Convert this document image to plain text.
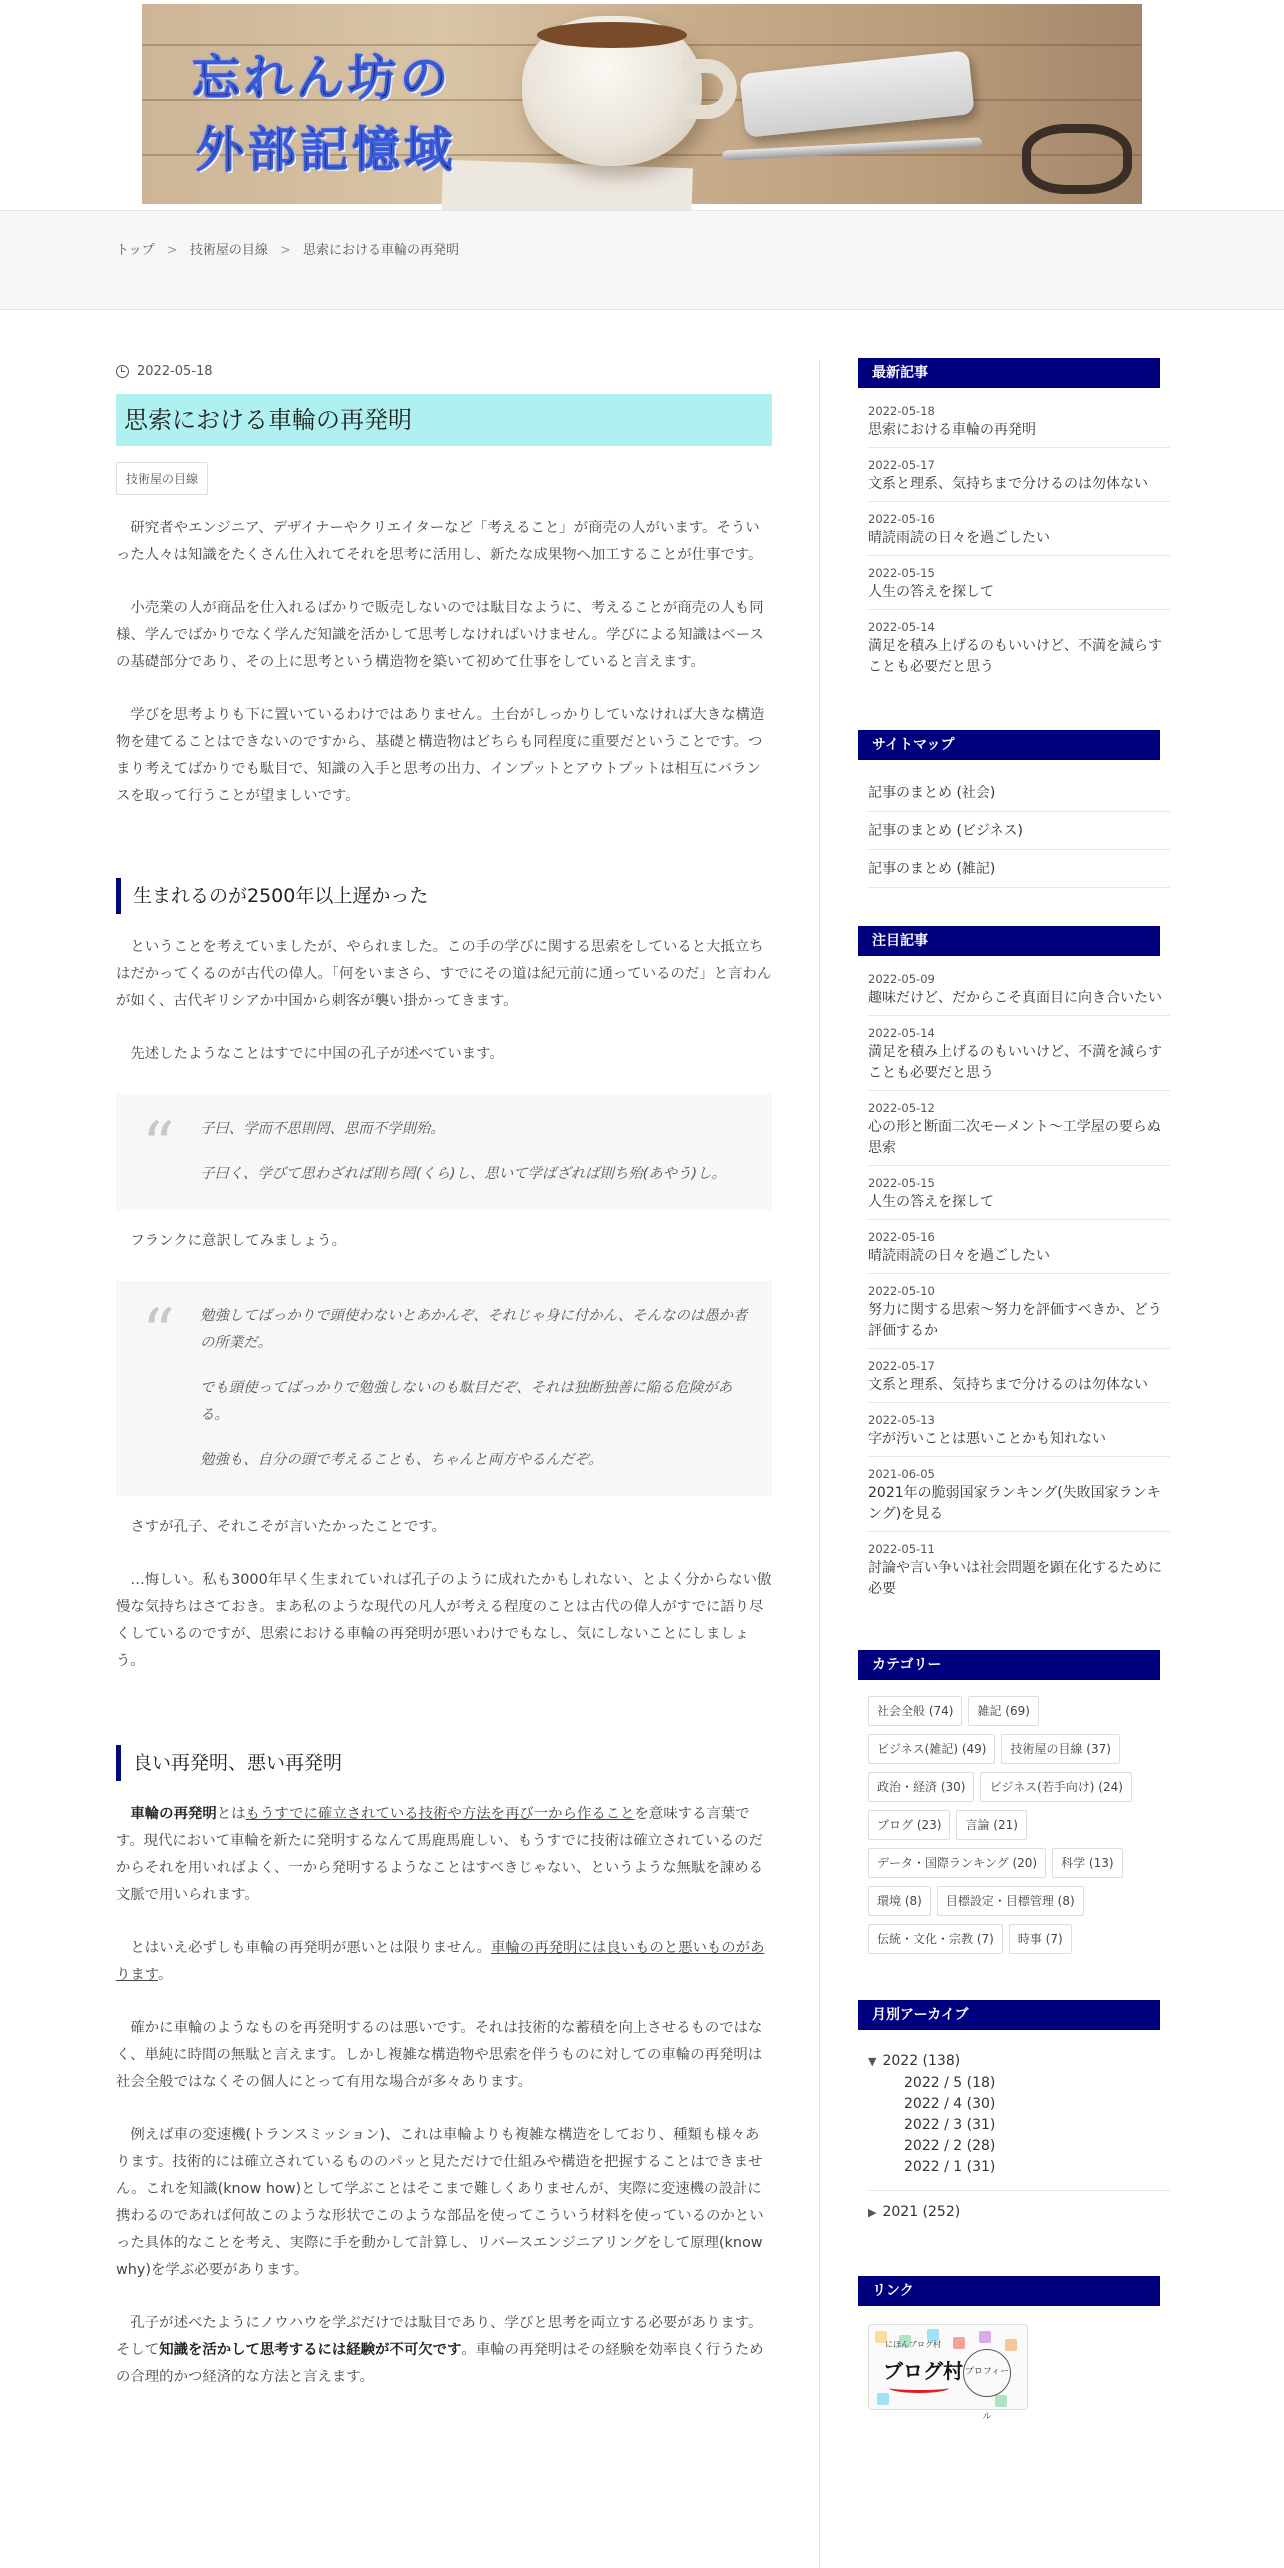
忘れん坊の
外部記憶域
トップ > 技術屋の目線 > 思索における車輪の再発明
2022-05-18
思索における車輪の再発明
技術屋の目線

研究者やエンジニア、デザイナーやクリエイターなど「考えること」が商売の人がいます。そういった人々は知識をたくさん仕入れてそれを思考に活用し、新たな成果物へ加工することが仕事です。

小売業の人が商品を仕入れるばかりで販売しないのでは駄目なように、考えることが商売の人も同様、学んでばかりでなく学んだ知識を活かして思考しなければいけません。学びによる知識はベースの基礎部分であり、その上に思考という構造物を築いて初めて仕事をしていると言えます。

学びを思考よりも下に置いているわけではありません。土台がしっかりしていなければ大きな構造物を建てることはできないのですから、基礎と構造物はどちらも同程度に重要だということです。つまり考えてばかりでも駄目で、知識の入手と思考の出力、インプットとアウトプットは相互にバランスを取って行うことが望ましいです。

生まれるのが2500年以上遅かった

ということを考えていましたが、やられました。この手の学びに関する思索をしていると大抵立ちはだかってくるのが古代の偉人。「何をいまさら、すでにその道は紀元前に通っているのだ」と言わんが如く、古代ギリシアか中国から刺客が襲い掛かってきます。

先述したようなことはすでに中国の孔子が述べています。

“ 子曰、学而不思則罔、思而不学則殆。

子曰く、学びて思わざれば則ち罔(くら)し、思いて学ばざれば則ち殆(あやう)し。

フランクに意訳してみましょう。

“ 勉強してばっかりで頭使わないとあかんぞ、それじゃ身に付かん、そんなのは愚か者の所業だ。

でも頭使ってばっかりで勉強しないのも駄目だぞ、それは独断独善に陥る危険がある。

勉強も、自分の頭で考えることも、ちゃんと両方やるんだぞ。

さすが孔子、それこそが言いたかったことです。

…悔しい。私も3000年早く生まれていれば孔子のように成れたかもしれない、とよく分からない傲慢な気持ちはさておき。まあ私のような現代の凡人が考える程度のことは古代の偉人がすでに語り尽くしているのですが、思索における車輪の再発明が悪いわけでもなし、気にしないことにしましょう。

良い再発明、悪い再発明

車輪の再発明とはもうすでに確立されている技術や方法を再び一から作ることを意味する言葉です。現代において車輪を新たに発明するなんて馬鹿馬鹿しい、もうすでに技術は確立されているのだからそれを用いればよく、一から発明するようなことはすべきじゃない、というような無駄を諌める文脈で用いられます。

とはいえ必ずしも車輪の再発明が悪いとは限りません。車輪の再発明には良いものと悪いものがあります。

確かに車輪のようなものを再発明するのは悪いです。それは技術的な蓄積を向上させるものではなく、単純に時間の無駄と言えます。しかし複雑な構造物や思索を伴うものに対しての車輪の再発明は社会全般ではなくその個人にとって有用な場合が多々あります。

例えば車の変速機(トランスミッション)、これは車輪よりも複雑な構造をしており、種類も様々あります。技術的には確立されているもののパッと見ただけで仕組みや構造を把握することはできません。これを知識(know how)として学ぶことはそこまで難しくありませんが、実際に変速機の設計に携わるのであれば何故このような形状でこのような部品を使ってこういう材料を使っているのかといった具体的なことを考え、実際に手を動かして計算し、リバースエンジニアリングをして原理(know why)を学ぶ必要があります。

孔子が述べたようにノウハウを学ぶだけでは駄目であり、学びと思考を両立する必要があります。そして知識を活かして思考するには経験が不可欠です。車輪の再発明はその経験を効率良く行うための合理的かつ経済的な方法と言えます。

最新記事
2022-05-18
思索における車輪の再発明
2022-05-17
文系と理系、気持ちまで分けるのは勿体ない
2022-05-16
晴読雨読の日々を過ごしたい
2022-05-15
人生の答えを探して
2022-05-14
満足を積み上げるのもいいけど、不満を減らすことも必要だと思う
サイトマップ
記事のまとめ (社会)
記事のまとめ (ビジネス)
記事のまとめ (雑記)
注目記事
2022-05-09
趣味だけど、だからこそ真面目に向き合いたい
2022-05-14
満足を積み上げるのもいいけど、不満を減らすことも必要だと思う
2022-05-12
心の形と断面二次モーメント〜工学屋の要らぬ思索
2022-05-15
人生の答えを探して
2022-05-16
晴読雨読の日々を過ごしたい
2022-05-10
努力に関する思索～努力を評価すべきか、どう評価するか
2022-05-17
文系と理系、気持ちまで分けるのは勿体ない
2022-05-13
字が汚いことは悪いことかも知れない
2021-06-05
2021年の脆弱国家ランキング(失敗国家ランキング)を見る
2022-05-11
討論や言い争いは社会問題を顕在化するために必要
カテゴリー
社会全般 (74)	雑記 (69)
ビジネス(雑記) (49)	技術屋の目線 (37)
政治・経済 (30)	ビジネス(若手向け) (24)
ブログ (23)	言論 (21)
データ・国際ランキング (20)	科学 (13)
環境 (8)	目標設定・目標管理 (8)
伝統・文化・宗教 (7)	時事 (7)
月別アーカイブ
▼ 2022 (138)
2022 / 5 (18)
2022 / 4 (30)
2022 / 3 (31)
2022 / 2 (28)
2022 / 1 (31)
▶ 2021 (252)
リンク
にほんブログ村
ブログ村 プロフィール
